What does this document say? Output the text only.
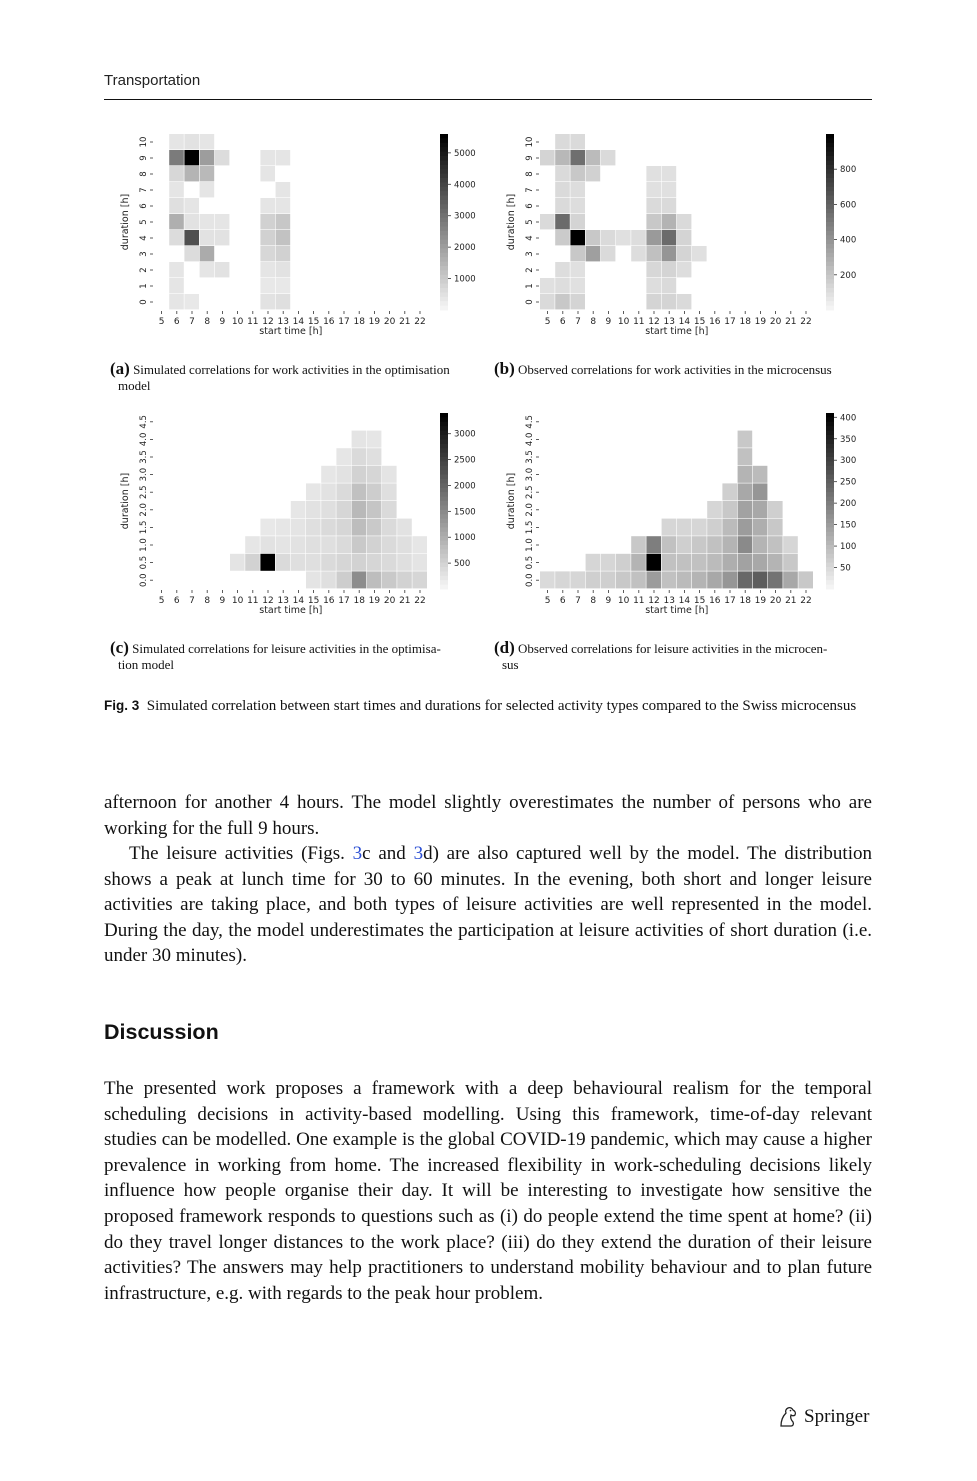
Transportation
5 6 7 8 9 10 11 12 13 14 15 16 17 18 19 20 21 22
0
1
2
3
4
5
6
7
8
9
10
start time [h]
duration [h]
1000
2000
3000
4000
5000
5 6 7 8 9 10 11 12 13 14 15 16 17 18 19 20 21 22
0
1
2
3
4
5
6
7
8
9
10
start time [h]
duration [h]
200
400
600
800
5 6 7 8 9 10 11 12 13 14 15 16 17 18 19 20 21 22
0.0
0.5
1.0
1.5
2.0
2.5
3.0
3.5
4.0
4.5
start time [h]
duration [h]
500
1000
1500
2000
2500
3000
5 6 7 8 9 10 11 12 13 14 15 16 17 18 19 20 21 22
0.0
0.5
1.0
1.5
2.0
2.5
3.0
3.5
4.0
4.5
start time [h]
duration [h]
50
100
150
200
250
300
350
400
(a) Simulated correlations for work activities in the optimisation
model
(b) Observed correlations for work activities in the microcensus
(c) Simulated correlations for leisure activities in the optimisa-
tion model
(d) Observed correlations for leisure activities in the microcen-
sus
Fig. 3 Simulated correlation between start times and durations for selected activity types compared to the Swiss microcensus

afternoon for another 4 hours. The model slightly overestimates the number of persons who are working for the full 9 hours.

The leisure activities (Figs. 3c and 3d) are also captured well by the model. The distribution shows a peak at lunch time for 30 to 60 minutes. In the evening, both short and longer leisure activities are taking place, and both types of leisure activities are well represented in the model. During the day, the model underestimates the participation at leisure activities of short duration (i.e. under 30 minutes).

Discussion

The presented work proposes a framework with a deep behavioural realism for the temporal scheduling decisions in activity-based modelling. Using this framework, time-of-day relevant studies can be modelled. One example is the global COVID-19 pandemic, which may cause a higher prevalence in working from home. The increased flexibility in work-scheduling decisions likely influence how people organise their day. It will be interesting to investigate how sensitive the proposed framework responds to questions such as (i) do people extend the time spent at home? (ii) do they travel longer distances to the work place? (iii) do they extend the duration of their leisure activities? The answers may help practitioners to understand mobility behaviour and to plan future infrastructure, e.g. with regards to the peak hour problem.

Springer
